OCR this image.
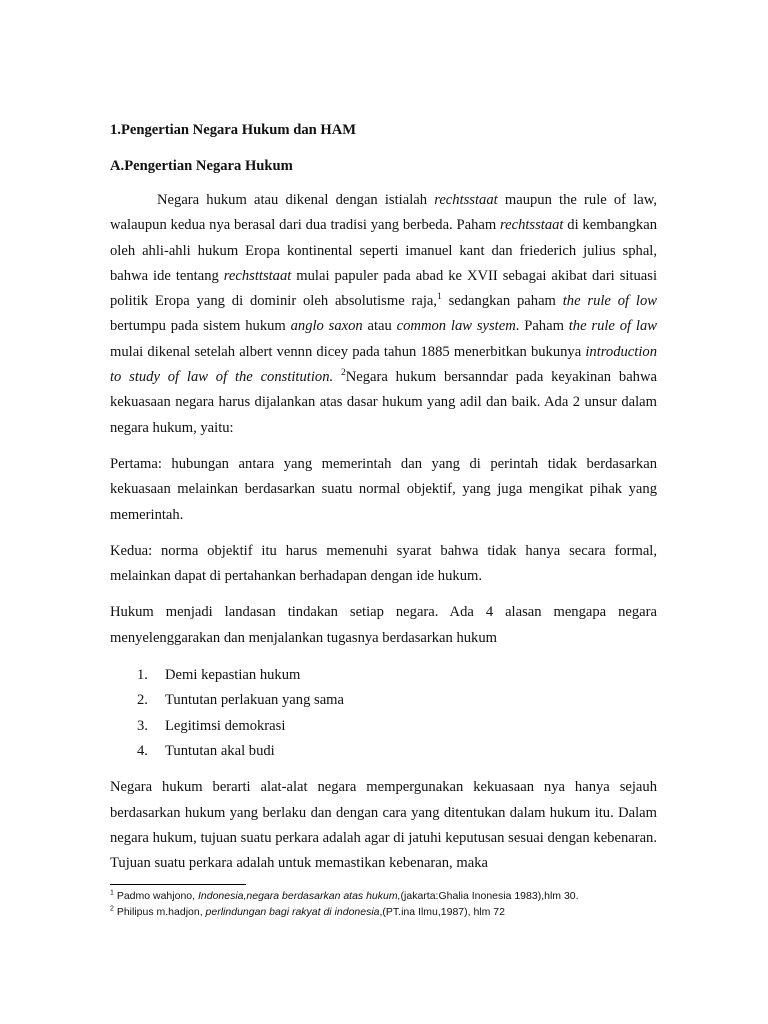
1.Pengertian Negara Hukum dan HAM
A.Pengertian Negara Hukum

Negara hukum atau dikenal dengan istialah rechtsstaat maupun the rule of law, walaupun kedua nya berasal dari dua tradisi yang berbeda. Paham rechtsstaat di kembangkan oleh ahli-ahli hukum Eropa kontinental seperti imanuel kant dan friederich julius sphal, bahwa ide tentang rechsttstaat mulai papuler pada abad ke XVII sebagai akibat dari situasi politik Eropa yang di dominir oleh absolutisme raja,$^1$ sedangkan paham the rule of low bertumpu pada sistem hukum anglo saxon atau common law system. Paham the rule of law mulai dikenal setelah albert vennn dicey pada tahun 1885 menerbitkan bukunya introduction to study of law of the constitution. $^2$Negara hukum bersanndar pada keyakinan bahwa kekuasaan negara harus dijalankan atas dasar hukum yang adil dan baik. Ada 2 unsur dalam negara hukum, yaitu:

Pertama: hubungan antara yang memerintah dan yang di perintah tidak berdasarkan kekuasaan melainkan berdasarkan suatu normal objektif, yang juga mengikat pihak yang memerintah.

Kedua: norma objektif itu harus memenuhi syarat bahwa tidak hanya secara formal, melainkan dapat di pertahankan berhadapan dengan ide hukum.

Hukum menjadi landasan tindakan setiap negara. Ada 4 alasan mengapa negara menyelenggarakan dan menjalankan tugasnya berdasarkan hukum

1. Demi kepastian hukum
2. Tuntutan perlakuan yang sama
3. Legitimsi demokrasi
4. Tuntutan akal budi

Negara hukum berarti alat-alat negara mempergunakan kekuasaan nya hanya sejauh berdasarkan hukum yang berlaku dan dengan cara yang ditentukan dalam hukum itu. Dalam negara hukum, tujuan suatu perkara adalah agar di jatuhi keputusan sesuai dengan kebenaran. Tujuan suatu perkara adalah untuk memastikan kebenaran, maka

$^1$ Padmo wahjono, Indonesia,negara berdasarkan atas hukum,(jakarta:Ghalia Inonesia 1983),hlm 30.
$^2$ Philipus m.hadjon, perlindungan bagi rakyat di indonesia,(PT.ina Ilmu,1987), hlm 72
